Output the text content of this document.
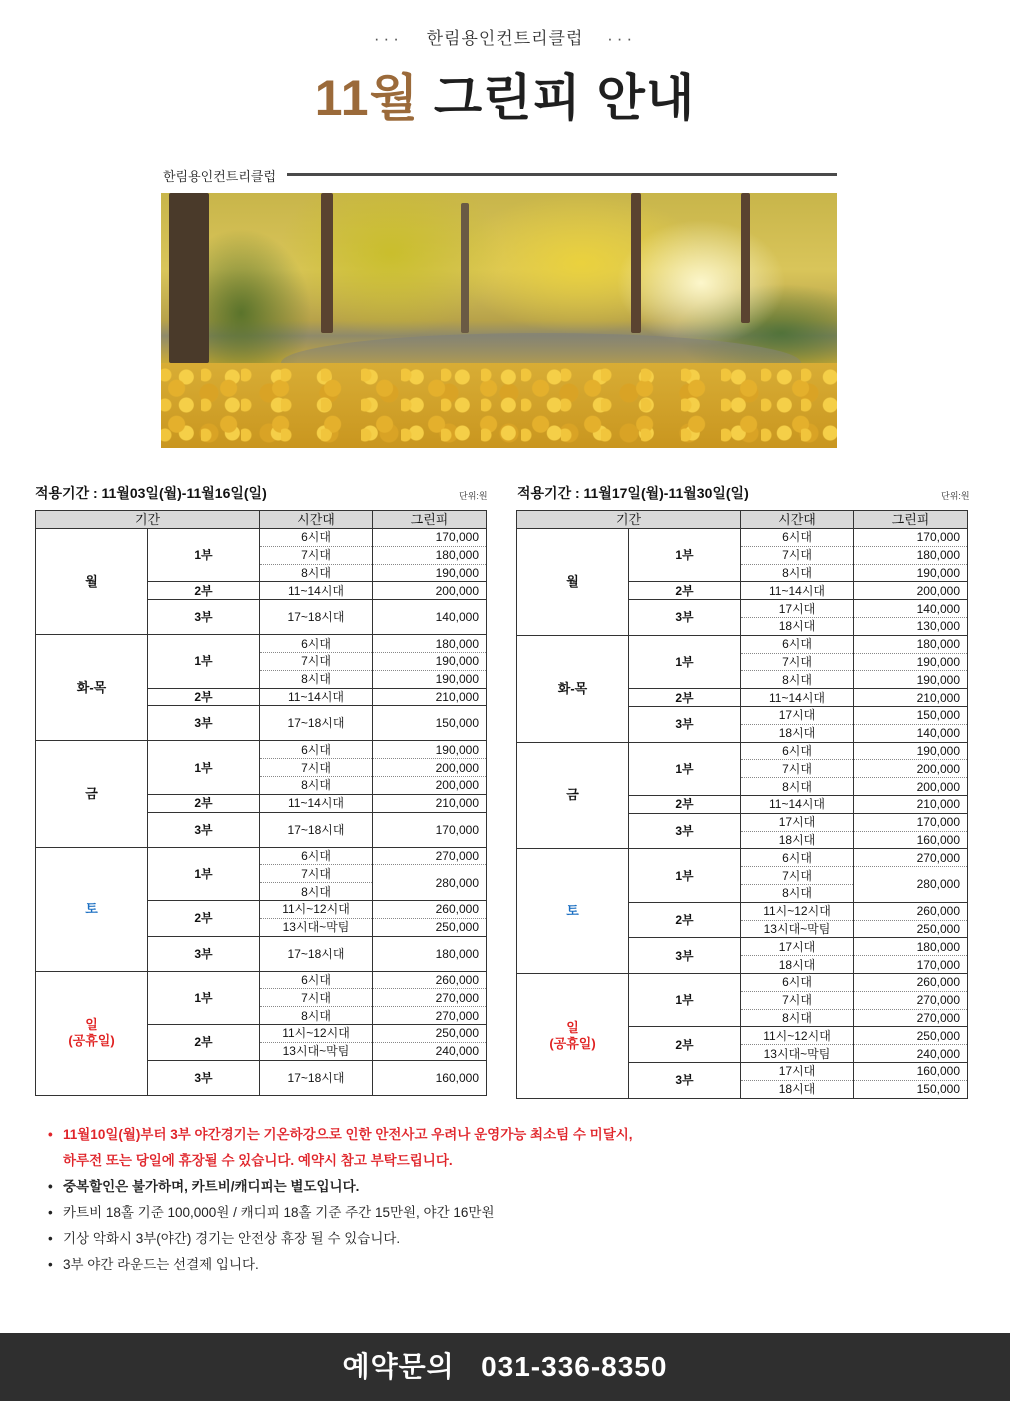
··· 한림용인컨트리클럽 ···
11월 그린피 안내
한림용인컨트리클럽
적용기간 : 11월03일(월)-11월16일(일)	단위:원 적용기간 : 11월17일(월)-11월30일(일)	단위:원
기간		시간대	그린피
월	1부	6시대	170,000
		7시대	180,000
		8시대	190,000
	2부	11~14시대	200,000
	3부	17~18시대	140,000

화-목	1부	6시대	180,000
		7시대	190,000
		8시대	190,000
	2부	11~14시대	210,000
	3부	17~18시대	150,000

금	1부	6시대	190,000
		7시대	200,000
		8시대	200,000
	2부	11~14시대	210,000
	3부	17~18시대	170,000

토	1부	6시대	270,000
		7시대	280,000
		8시대	
	2부	11시~12시대	260,000
		13시대~막팀	250,000
	3부	17~18시대	180,000

일
(공휴일)	1부	6시대	260,000
		7시대	270,000
		8시대	270,000
	2부	11시~12시대	250,000
		13시대~막팀	240,000
	3부	17~18시대	160,000

기간		시간대	그린피
월	1부	6시대	170,000
		7시대	180,000
		8시대	190,000
	2부	11~14시대	200,000
	3부	17시대	140,000
		18시대	130,000
화-목	1부	6시대	180,000
		7시대	190,000
		8시대	190,000
	2부	11~14시대	210,000
	3부	17시대	150,000
		18시대	140,000
금	1부	6시대	190,000
		7시대	200,000
		8시대	200,000
	2부	11~14시대	210,000
	3부	17시대	170,000
		18시대	160,000
토	1부	6시대	270,000
		7시대	280,000
		8시대	
	2부	11시~12시대	260,000
		13시대~막팀	250,000
	3부	17시대	180,000
		18시대	170,000
일
(공휴일)	1부	6시대	260,000
		7시대	270,000
		8시대	270,000
	2부	11시~12시대	250,000
		13시대~막팀	240,000
	3부	17시대	160,000
		18시대	150,000
• 11월10일(월)부터 3부 야간경기는 기온하강으로 인한 안전사고 우려나 운영가능 최소팀 수 미달시,
하루전 또는 당일에 휴장될 수 있습니다. 예약시 참고 부탁드립니다.
• 중복할인은 불가하며, 카트비/캐디피는 별도입니다.
• 카트비 18홀 기준 100,000원 / 캐디피 18홀 기준 주간 15만원, 야간 16만원
• 기상 악화시 3부(야간) 경기는 안전상 휴장 될 수 있습니다.
• 3부 야간 라운드는 선결제 입니다.
예약문의 031-336-8350
